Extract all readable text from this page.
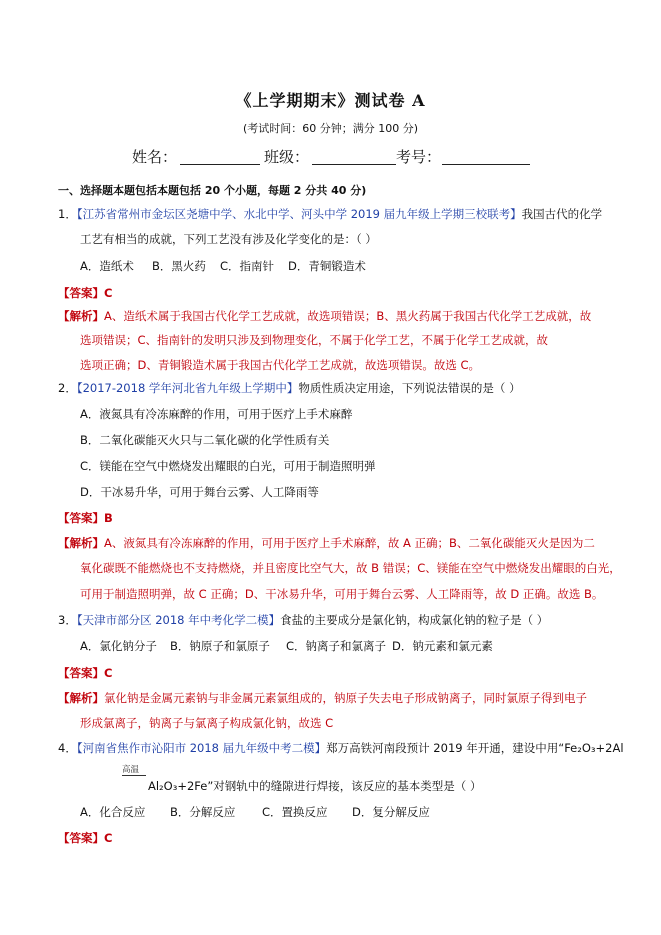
《上学期期末》测试卷 A
(考试时间：60 分钟；满分 100 分)
姓名：	班级：	考号：
一、选择题本题包括本题包括 20 个小题，每题 2 分共 40 分)
1．【江苏省常州市金坛区尧塘中学、水北中学、河头中学 2019 届九年级上学期三校联考】我国古代的化学
工艺有相当的成就，下列工艺没有涉及化学变化的是：（ ）
A．造纸术 B．黑火药 C．指南针 D．青铜锻造术
【答案】C
【解析】A、造纸术属于我国古代化学工艺成就，故选项错误；B、黑火药属于我国古代化学工艺成就，故
选项错误；C、指南针的发明只涉及到物理变化，不属于化学工艺，不属于化学工艺成就，故
选项正确；D、青铜锻造术属于我国古代化学工艺成就，故选项错误。故选 C。
2．【2017-2018 学年河北省九年级上学期中】物质性质决定用途，下列说法错误的是（ ）
A．液氮具有冷冻麻醉的作用，可用于医疗上手术麻醉
B．二氧化碳能灭火只与二氧化碳的化学性质有关
C．镁能在空气中燃烧发出耀眼的白光，可用于制造照明弹
D．干冰易升华，可用于舞台云雾、人工降雨等
【答案】B
【解析】A、液氮具有冷冻麻醉的作用，可用于医疗上手术麻醉，故 A 正确；B、二氧化碳能灭火是因为二
氧化碳既不能燃烧也不支持燃烧，并且密度比空气大，故 B 错误；C、镁能在空气中燃烧发出耀眼的白光，
可用于制造照明弹，故 C 正确；D、干冰易升华，可用于舞台云雾、人工降雨等，故 D 正确。故选 B。
3．【天津市部分区 2018 年中考化学二模】食盐的主要成分是氯化钠，构成氯化钠的粒子是（ ）
A．氯化钠分子 B．钠原子和氯原子 C．钠离子和氯离子 D．钠元素和氯元素
【答案】C
【解析】氯化钠是金属元素钠与非金属元素氯组成的，钠原子失去电子形成钠离子，同时氯原子得到电子
形成氯离子，钠离子与氯离子构成氯化钠，故选 C
4．【河南省焦作市沁阳市 2018 届九年级中考二模】郑万高铁河南段预计 2019 年开通，建设中用“Fe₂O₃+2Al
高温
Al₂O₃+2Fe”对钢轨中的缝隙进行焊接，该反应的基本类型是（ ）
A．化合反应 B．分解反应 C．置换反应 D．复分解反应
【答案】C
